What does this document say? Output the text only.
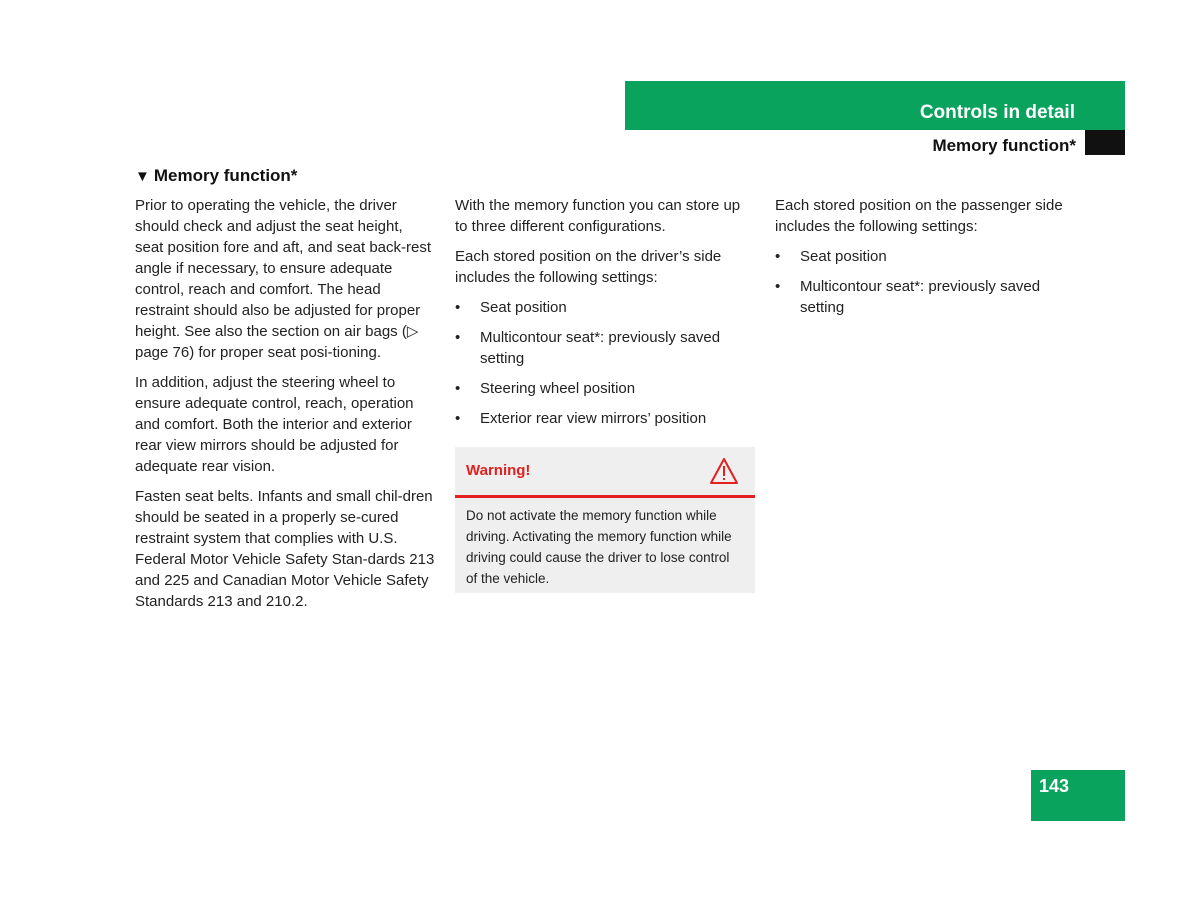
Controls in detail
Memory function*
▼ Memory function*

Prior to operating the vehicle, the driver should check and adjust the seat height, seat position fore and aft, and seat back-rest angle if necessary, to ensure adequate control, reach and comfort. The head restraint should also be adjusted for proper height. See also the section on air bags (▷ page 76) for proper seat posi-tioning.

In addition, adjust the steering wheel to ensure adequate control, reach, operation and comfort. Both the interior and exterior rear view mirrors should be adjusted for adequate rear vision.

Fasten seat belts. Infants and small chil-dren should be seated in a properly se-cured restraint system that complies with U.S. Federal Motor Vehicle Safety Stan-dards 213 and 225 and Canadian Motor Vehicle Safety Standards 213 and 210.2.

With the memory function you can store up to three different configurations.

Each stored position on the driver’s side includes the following settings:

• Seat position
• Multicontour seat*: previously saved setting
• Steering wheel position
• Exterior rear view mirrors’ position
Warning!
Do not activate the memory function while driving. Activating the memory function while driving could cause the driver to lose control of the vehicle.

Each stored position on the passenger side includes the following settings:

• Seat position
• Multicontour seat*: previously saved setting
143
